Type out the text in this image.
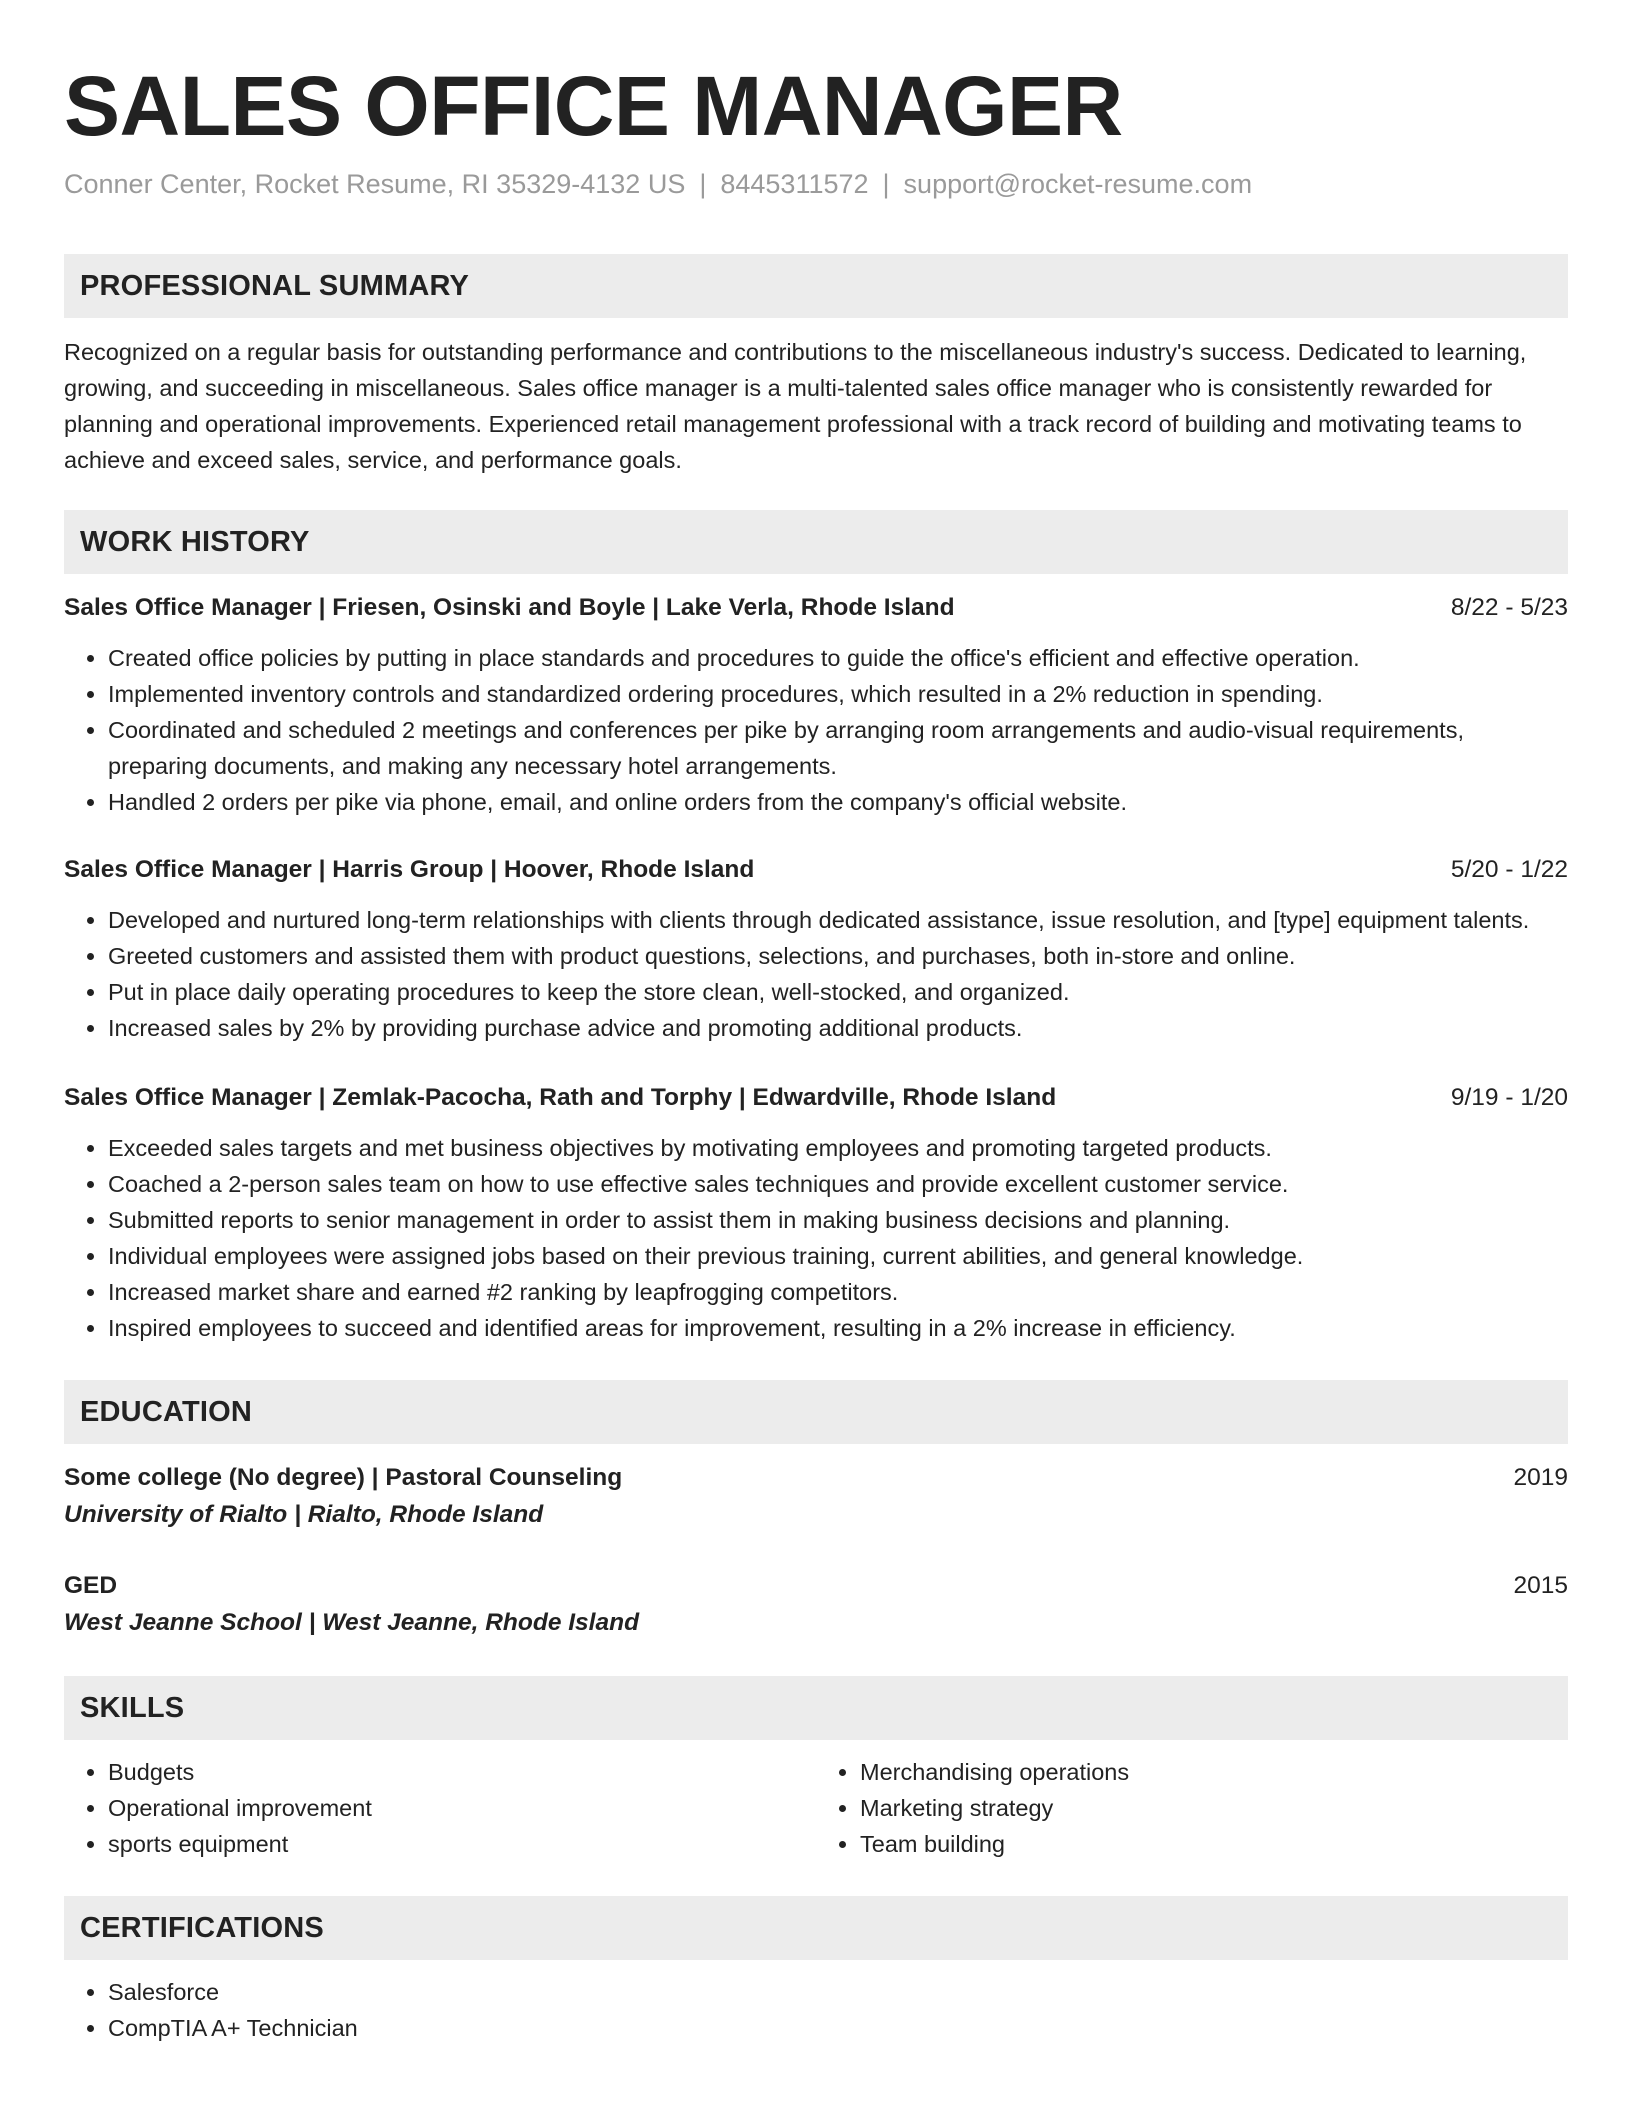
SALES OFFICE MANAGER
Conner Center, Rocket Resume, RI 35329-4132 US | 8445311572 | support@rocket-resume.com
PROFESSIONAL SUMMARY
Recognized on a regular basis for outstanding performance and contributions to the miscellaneous industry's success. Dedicated to learning, growing, and succeeding in miscellaneous. Sales office manager is a multi-talented sales office manager who is consistently rewarded for planning and operational improvements. Experienced retail management professional with a track record of building and motivating teams to achieve and exceed sales, service, and performance goals.
WORK HISTORY
Sales Office Manager | Friesen, Osinski and Boyle | Lake Verla, Rhode Island	8/22 - 5/23
• Created office policies by putting in place standards and procedures to guide the office's efficient and effective operation.
• Implemented inventory controls and standardized ordering procedures, which resulted in a 2% reduction in spending.
• Coordinated and scheduled 2 meetings and conferences per pike by arranging room arrangements and audio-visual requirements, preparing documents, and making any necessary hotel arrangements.
• Handled 2 orders per pike via phone, email, and online orders from the company's official website.
Sales Office Manager | Harris Group | Hoover, Rhode Island	5/20 - 1/22
• Developed and nurtured long-term relationships with clients through dedicated assistance, issue resolution, and [type] equipment talents.
• Greeted customers and assisted them with product questions, selections, and purchases, both in-store and online.
• Put in place daily operating procedures to keep the store clean, well-stocked, and organized.
• Increased sales by 2% by providing purchase advice and promoting additional products.
Sales Office Manager | Zemlak-Pacocha, Rath and Torphy | Edwardville, Rhode Island	9/19 - 1/20
• Exceeded sales targets and met business objectives by motivating employees and promoting targeted products.
• Coached a 2-person sales team on how to use effective sales techniques and provide excellent customer service.
• Submitted reports to senior management in order to assist them in making business decisions and planning.
• Individual employees were assigned jobs based on their previous training, current abilities, and general knowledge.
• Increased market share and earned #2 ranking by leapfrogging competitors.
• Inspired employees to succeed and identified areas for improvement, resulting in a 2% increase in efficiency.
EDUCATION
Some college (No degree) | Pastoral Counseling	2019
University of Rialto | Rialto, Rhode Island
GED	2015
West Jeanne School | West Jeanne, Rhode Island
SKILLS
• Budgets
• Operational improvement
• sports equipment
• Merchandising operations
• Marketing strategy
• Team building
CERTIFICATIONS
• Salesforce
• CompTIA A+ Technician
